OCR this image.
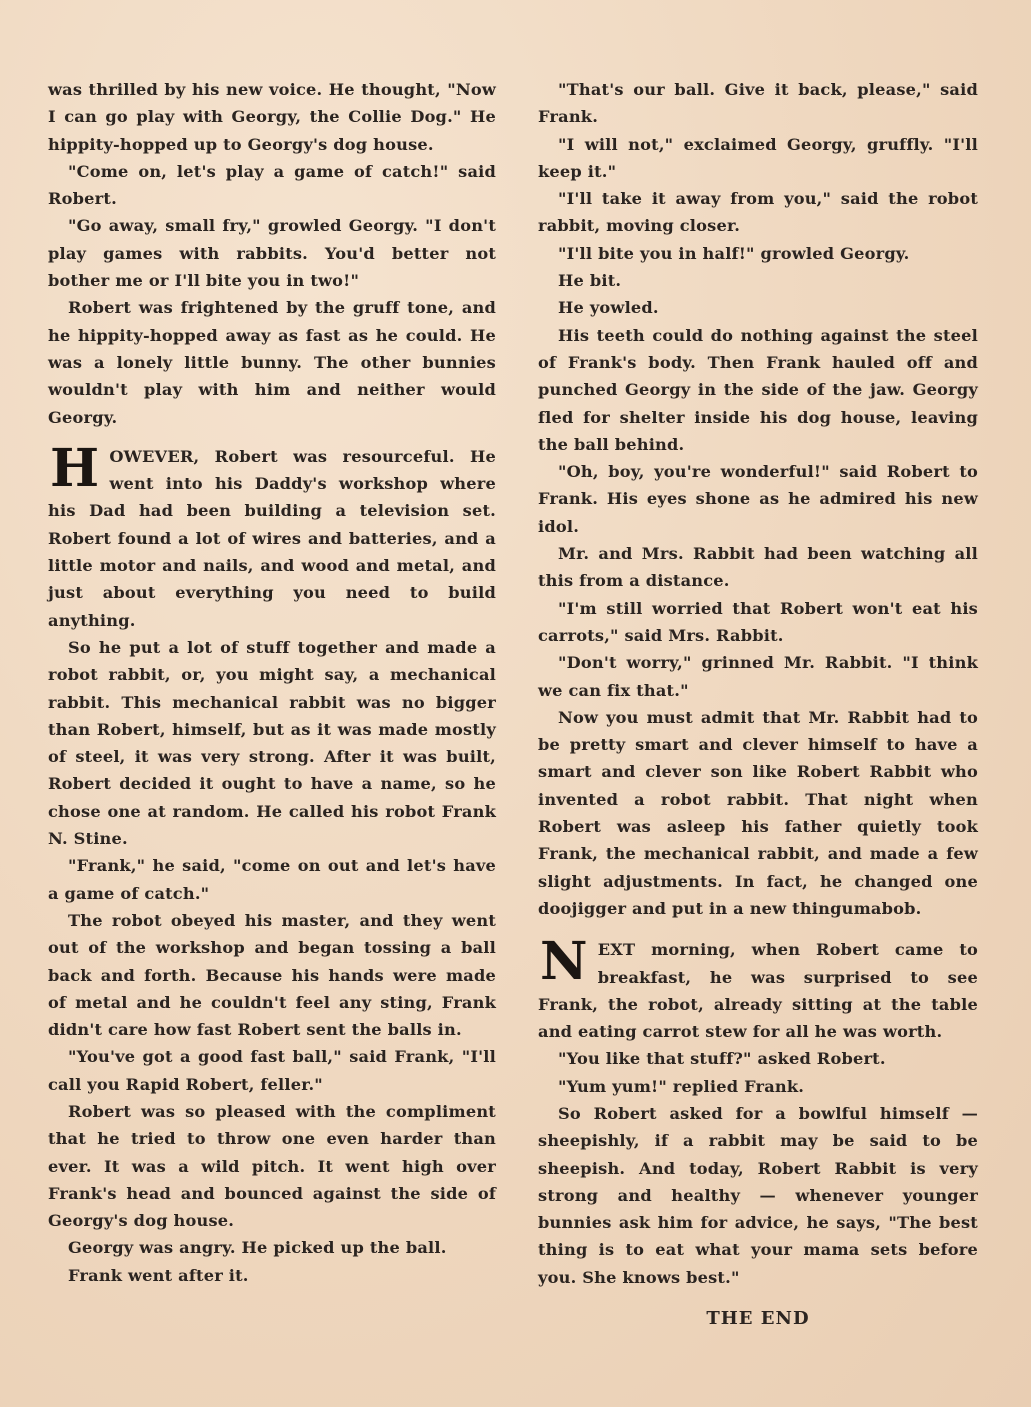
was thrilled by his new voice. He thought, "Now I can go play with Georgy, the Collie Dog." He hippity-hopped up to Georgy's dog house.

"Come on, let's play a game of catch!" said Robert.

"Go away, small fry," growled Georgy. "I don't play games with rabbits. You'd better not bother me or I'll bite you in two!"

Robert was frightened by the gruff tone, and he hippity-hopped away as fast as he could. He was a lonely little bunny. The other bunnies wouldn't play with him and neither would Georgy.

HOWEVER, Robert was resourceful. He went into his Daddy's workshop where his Dad had been building a television set. Robert found a lot of wires and batteries, and a little motor and nails, and wood and metal, and just about everything you need to build anything.

So he put a lot of stuff together and made a robot rabbit, or, you might say, a mechanical rabbit. This mechanical rabbit was no bigger than Robert, himself, but as it was made mostly of steel, it was very strong. After it was built, Robert decided it ought to have a name, so he chose one at random. He called his robot Frank N. Stine.

"Frank," he said, "come on out and let's have a game of catch."

The robot obeyed his master, and they went out of the workshop and began tossing a ball back and forth. Because his hands were made of metal and he couldn't feel any sting, Frank didn't care how fast Robert sent the balls in.

"You've got a good fast ball," said Frank, "I'll call you Rapid Robert, feller."

Robert was so pleased with the compliment that he tried to throw one even harder than ever. It was a wild pitch. It went high over Frank's head and bounced against the side of Georgy's dog house.

Georgy was angry. He picked up the ball.

Frank went after it.

"That's our ball. Give it back, please," said Frank.

"I will not," exclaimed Georgy, gruffly. "I'll keep it."

"I'll take it away from you," said the robot rabbit, moving closer.

"I'll bite you in half!" growled Georgy.

He bit.

He yowled.

His teeth could do nothing against the steel of Frank's body. Then Frank hauled off and punched Georgy in the side of the jaw. Georgy fled for shelter inside his dog house, leaving the ball behind.

"Oh, boy, you're wonderful!" said Robert to Frank. His eyes shone as he admired his new idol.

Mr. and Mrs. Rabbit had been watching all this from a distance.

"I'm still worried that Robert won't eat his carrots," said Mrs. Rabbit.

"Don't worry," grinned Mr. Rabbit. "I think we can fix that."

Now you must admit that Mr. Rabbit had to be pretty smart and clever himself to have a smart and clever son like Robert Rabbit who invented a robot rabbit. That night when Robert was asleep his father quietly took Frank, the mechanical rabbit, and made a few slight adjustments. In fact, he changed one doojigger and put in a new thingumabob.

NEXT morning, when Robert came to breakfast, he was surprised to see Frank, the robot, already sitting at the table and eating carrot stew for all he was worth.

"You like that stuff?" asked Robert.

"Yum yum!" replied Frank.

So Robert asked for a bowlful himself — sheepishly, if a rabbit may be said to be sheepish. And today, Robert Rabbit is very strong and healthy — whenever younger bunnies ask him for advice, he says, "The best thing is to eat what your mama sets before you. She knows best."

THE END
